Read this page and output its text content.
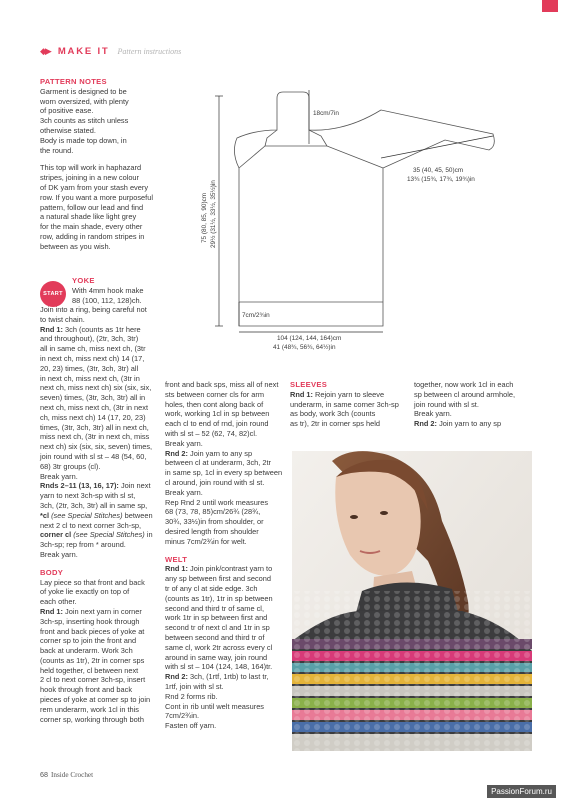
◆▶ MAKE IT Pattern instructions
PATTERN NOTES

Garment is designed to be

worn oversized, with plenty

of positive ease.

3ch counts as stitch unless

otherwise stated.

Body is made top down, in

the round.

This top will work in haphazard

stripes, joining in a new colour

of DK yarn from your stash every

row. If you want a more purposeful

pattern, follow our lead and find

a natural shade like light grey

for the main shade, every other

row, adding in random stripes in

between as you wish.

START
YOKE

With 4mm hook make

88 (100, 112, 128)ch.

Join into a ring, being careful not

to twist chain.

Rnd 1: 3ch (counts as 1tr here

and throughout), (2tr, 3ch, 3tr)

all in same ch, miss next ch, (3tr

in next ch, miss next ch) 14 (17,

20, 23) times, (3tr, 3ch, 3tr) all

in next ch, miss next ch, (3tr in

next ch, miss next ch) six (six, six,

seven) times, (3tr, 3ch, 3tr) all in

next ch, miss next ch, (3tr in next

ch, miss next ch) 14 (17, 20, 23)

times, (3tr, 3ch, 3tr) all in next ch,

miss next ch, (3tr in next ch, miss

next ch) six (six, six, seven) times,

join round with sl st – 48 (54, 60,

68) 3tr groups (cl).

Break yarn.

Rnds 2–11 (13, 16, 17): Join next

yarn to next 3ch-sp with sl st,

3ch, (2tr, 3ch, 3tr) all in same sp,

*cl (see Special Stitches) between

next 2 cl to next corner 3ch-sp,

corner cl (see Special Stitches) in

3ch-sp; rep from * around.

Break yarn.

BODY

Lay piece so that front and back

of yoke lie exactly on top of

each other.

Rnd 1: Join next yarn in corner

3ch-sp, inserting hook through

front and back pieces of yoke at

corner sp to join the front and

back at underarm. Work 3ch

(counts as 1tr), 2tr in corner sps

held together, cl between next

2 cl to next corner 3ch-sp, insert

hook through front and back

pieces of yoke at corner sp to join

rem underarm, work 1cl in this

corner sp, working through both

front and back sps, miss all of next

sts between corner cls for arm

holes, then cont along back of

work, working 1cl in sp between

each cl to end of rnd, join round

with sl st – 52 (62, 74, 82)cl.

Break yarn.

Rnd 2: Join yarn to any sp

between cl at underarm, 3ch, 2tr

in same sp, 1cl in every sp between

cl around, join round with sl st.

Break yarn.

Rep Rnd 2 until work measures

68 (73, 78, 85)cm/26¾ (28¾,

30¾, 33½)in from shoulder, or

desired length from shoulder

minus 7cm/2¾in for welt.

WELT

Rnd 1: Join pink/contrast yarn to

any sp between first and second

tr of any cl at side edge. 3ch

(counts as 1tr), 1tr in sp between

second and third tr of same cl,

work 1tr in sp between first and

second tr of next cl and 1tr in sp

between second and third tr of

same cl, work 2tr across every cl

around in same way, join round

with sl st – 104 (124, 148, 164)tr.

Rnd 2: 3ch, (1rtf, 1rtb) to last tr,

1rtf, join with sl st.

Rnd 2 forms rib.

Cont in rib until welt measures

7cm/2¾in.

Fasten off yarn.

SLEEVES

Rnd 1: Rejoin yarn to sleeve

underarm, in same corner 3ch-sp

as body, work 3ch (counts

as tr), 2tr in corner sps held

together, now work 1cl in each

sp between cl around armhole,

join round with sl st.

Break yarn.

Rnd 2: Join yarn to any sp

18cm/7in
35 (40, 45, 50)cm
13¾ (15¾, 17¾, 19¾)in
75 (80, 85, 90)cm 29½ (31½, 33½, 35½)in
7cm/2¾in
104 (124, 144, 164)cm
41 (48¾, 56¾, 64½)in
68 Inside Crochet
PassionForum.ru
